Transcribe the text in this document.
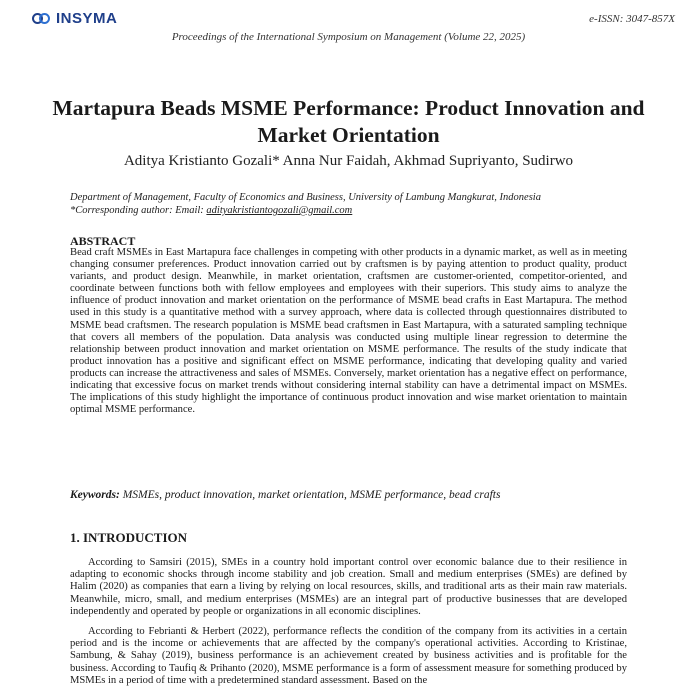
INSYMA	e-ISSN: 3047-857X
Proceedings of the International Symposium on Management (Volume 22, 2025)
Martapura Beads MSME Performance: Product Innovation and Market Orientation
Aditya Kristianto Gozali* Anna Nur Faidah, Akhmad Supriyanto, Sudirwo
Department of Management, Faculty of Economics and Business, University of Lambung Mangkurat, Indonesia
*Corresponding author: Email: adityakristiantogozali@gmail.com
ABSTRACT
Bead craft MSMEs in East Martapura face challenges in competing with other products in a dynamic market, as well as in meeting changing consumer preferences. Product innovation carried out by craftsmen is by paying attention to product quality, product variants, and product design. Meanwhile, in market orientation, craftsmen are customer-oriented, competitor-oriented, and coordinate between functions both with fellow employees and employees with their superiors. This study aims to analyze the influence of product innovation and market orientation on the performance of MSME bead crafts in East Martapura. The method used in this study is a quantitative method with a survey approach, where data is collected through questionnaires distributed to MSME bead craftsmen. The research population is MSME bead craftsmen in East Martapura, with a saturated sampling technique that covers all members of the population. Data analysis was conducted using multiple linear regression to determine the relationship between product innovation and market orientation on MSME performance. The results of the study indicate that product innovation has a positive and significant effect on MSME performance, indicating that developing quality and varied products can increase the attractiveness and sales of MSMEs. Conversely, market orientation has a negative effect on performance, indicating that excessive focus on market trends without considering internal stability can have a detrimental impact on MSMEs. The implications of this study highlight the importance of continuous product innovation and wise market orientation to maintain optimal MSME performance.
Keywords: MSMEs, product innovation, market orientation, MSME performance, bead crafts
1. INTRODUCTION

According to Samsiri (2015), SMEs in a country hold important control over economic balance due to their resilience in adapting to economic shocks through income stability and job creation. Small and medium enterprises (SMEs) are defined by Halim (2020) as companies that earn a living by relying on local resources, skills, and traditional arts as their main raw materials. Meanwhile, micro, small, and medium enterprises (MSMEs) are an integral part of productive businesses that are developed independently and operated by people or organizations in all economic disciplines.

According to Febrianti & Herbert (2022), performance reflects the condition of the company from its activities in a certain period and is the income or achievements that are affected by the company's operational activities. According to Kristinae, Sambung, & Sahay (2019), business performance is an achievement created by business activities and is profitable for the business. According to Taufiq & Prihanto (2020), MSME performance is a form of assessment measure for something produced by MSMEs in a period of time with a predetermined standard assessment. Based on the
